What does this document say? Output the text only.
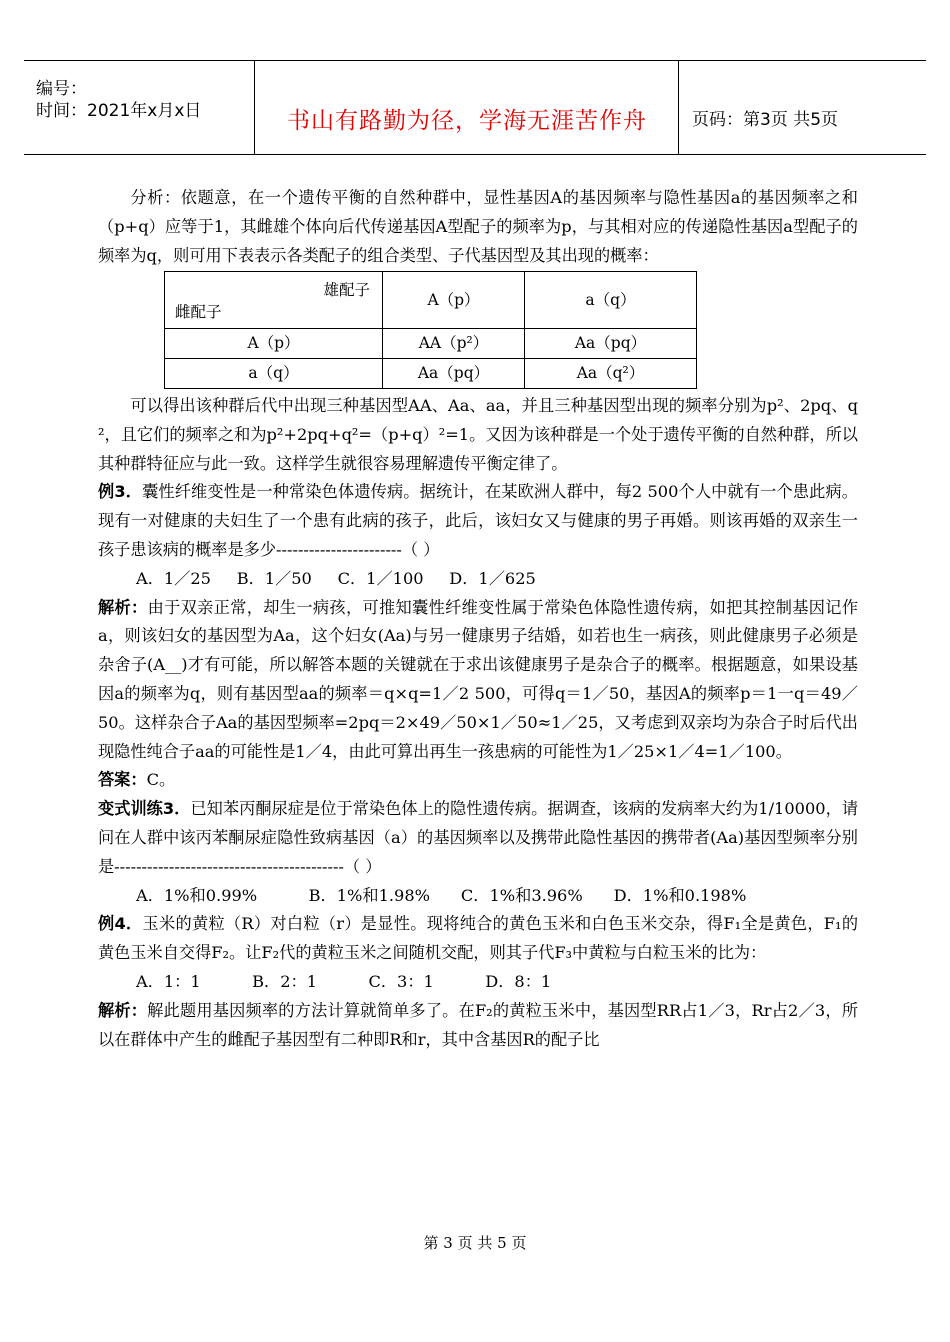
编号：
时间：2021年x月x日	书山有路勤为径，学海无涯苦作舟	页码：第3页 共5页

分析：依题意，在一个遗传平衡的自然种群中，显性基因A的基因频率与隐性基因a的基因频率之和（p+q）应等于1，其雌雄个体向后代传递基因A型配子的频率为p，与其相对应的传递隐性基因a型配子的频率为q，则可用下表表示各类配子的组合类型、子代基因型及其出现的概率：

雄配子
雌配子	A（p）	a（q）
A（p）	AA（p²）	Aa（pq）
a（q）	Aa（pq）	Aa（q²）

可以得出该种群后代中出现三种基因型AA、Aa、aa，并且三种基因型出现的频率分别为p²、2pq、q²，且它们的频率之和为p²+2pq+q²=（p+q）²=1。又因为该种群是一个处于遗传平衡的自然种群，所以其种群特征应与此一致。这样学生就很容易理解遗传平衡定律了。

例3．囊性纤维变性是一种常染色体遗传病。据统计，在某欧洲人群中，每2 500个人中就有一个患此病。现有一对健康的夫妇生了一个患有此病的孩子，此后，该妇女又与健康的男子再婚。则该再婚的双亲生一孩子患该病的概率是多少-----------------------（ ）

A．1／25     B．1／50     C．1／100     D．1／625

解析：由于双亲正常，却生一病孩，可推知囊性纤维变性属于常染色体隐性遗传病，如把其控制基因记作a，则该妇女的基因型为Aa，这个妇女(Aa)与另一健康男子结婚，如若也生一病孩，则此健康男子必须是杂舍子(A__)才有可能，所以解答本题的关键就在于求出该健康男子是杂合子的概率。根据题意，如果设基因a的频率为q，则有基因型aa的频率＝q×q=1／2 500，可得q＝1／50，基因A的频率p＝1一q＝49／50。这样杂合子Aa的基因型频率=2pq＝2×49／50×1／50≈1／25，又考虑到双亲均为杂合子时后代出现隐性纯合子aa的可能性是1／4，由此可算出再生一孩患病的可能性为1／25×1／4=1／100。

答案：C。

变式训练3．已知苯丙酮尿症是位于常染色体上的隐性遗传病。据调查，该病的发病率大约为1/10000，请问在人群中该丙苯酮尿症隐性致病基因（a）的基因频率以及携带此隐性基因的携带者(Aa)基因型频率分别是------------------------------------------（ ）

A．1%和0.99%          B．1%和1.98%      C．1%和3.96%      D．1%和0.198%

例4．玉米的黄粒（R）对白粒（r）是显性。现将纯合的黄色玉米和白色玉米交杂，得F₁全是黄色，F₁的黄色玉米自交得F₂。让F₂代的黄粒玉米之间随机交配，则其子代F₃中黄粒与白粒玉米的比为：

A．1：1          B．2：1          C．3：1          D．8：1

解析：解此题用基因频率的方法计算就简单多了。在F₂的黄粒玉米中，基因型RR占1／3，Rr占2／3，所以在群体中产生的雌配子基因型有二种即R和r，其中含基因R的配子比

第 3 页 共 5 页
